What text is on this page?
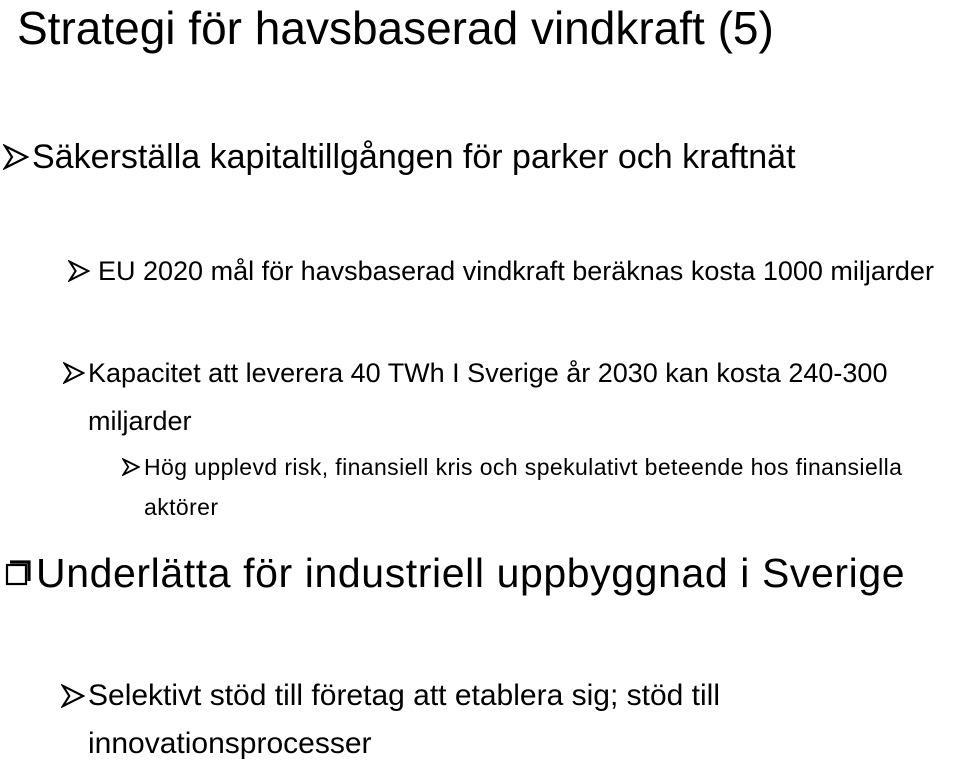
Strategi för havsbaserad vindkraft (5)
Säkerställa kapitaltillgången för parker och kraftnät
EU 2020 mål för havsbaserad vindkraft beräknas kosta 1000 miljarder
Kapacitet att leverera 40 TWh I Sverige år 2030 kan kosta 240-300 miljarder
Hög upplevd risk, finansiell kris och spekulativt beteende hos finansiella aktörer
Underlätta för industriell uppbyggnad i Sverige
Selektivt stöd till företag att etablera sig; stöd till innovationsprocesser
